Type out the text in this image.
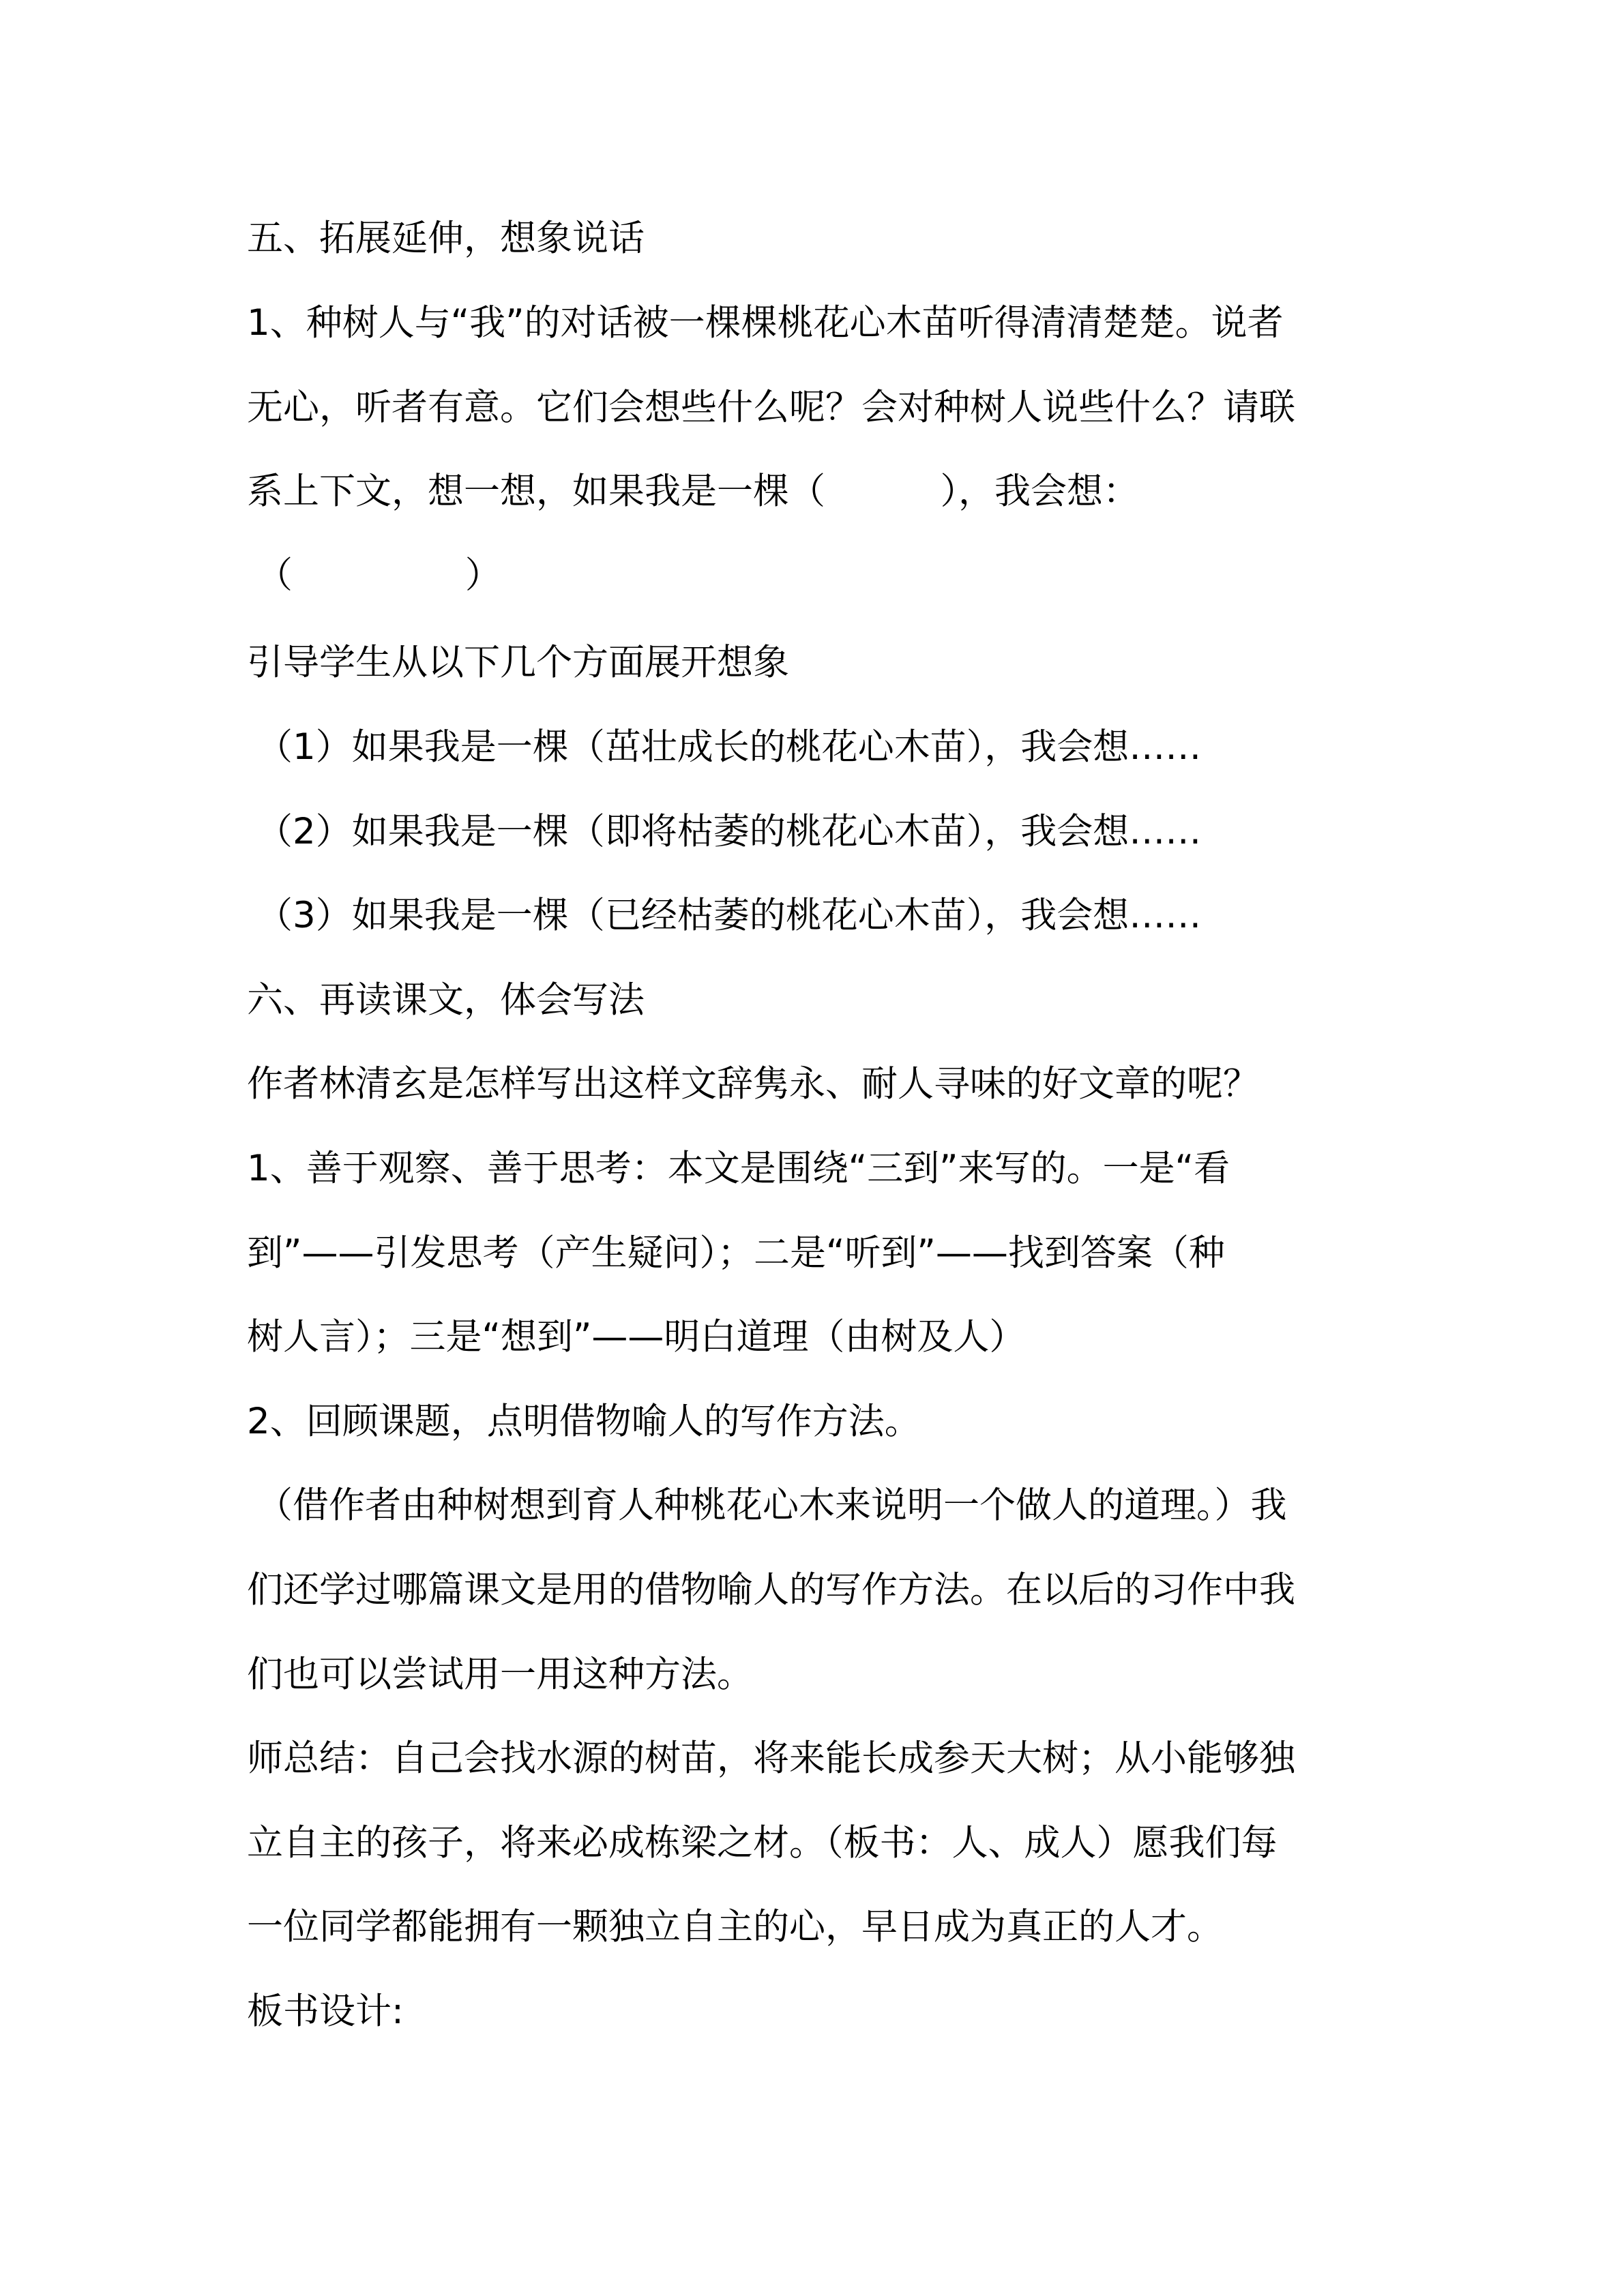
五、拓展延伸，想象说话
1、种树人与“我”的对话被一棵棵桃花心木苗听得清清楚楚。说者
无心，听者有意。它们会想些什么呢？会对种树人说些什么？请联
系上下文，想一想，如果我是一棵（          ），我会想：
（               ）
引导学生从以下几个方面展开想象
（1）如果我是一棵（茁壮成长的桃花心木苗），我会想……
（2）如果我是一棵（即将枯萎的桃花心木苗），我会想……
（3）如果我是一棵（已经枯萎的桃花心木苗），我会想……
六、再读课文，体会写法
作者林清玄是怎样写出这样文辞隽永、耐人寻味的好文章的呢？
1、善于观察、善于思考：本文是围绕“三到”来写的。一是“看
到”——引发思考（产生疑问）；二是“听到”——找到答案（种
树人言）；三是“想到”——明白道理（由树及人）
2、回顾课题，点明借物喻人的写作方法。
（借作者由种树想到育人种桃花心木来说明一个做人的道理。）我
们还学过哪篇课文是用的借物喻人的写作方法。在以后的习作中我
们也可以尝试用一用这种方法。
师总结：自己会找水源的树苗，将来能长成参天大树；从小能够独
立自主的孩子，将来必成栋梁之材。（板书：人、成人）愿我们每
一位同学都能拥有一颗独立自主的心，早日成为真正的人才。
板书设计:
